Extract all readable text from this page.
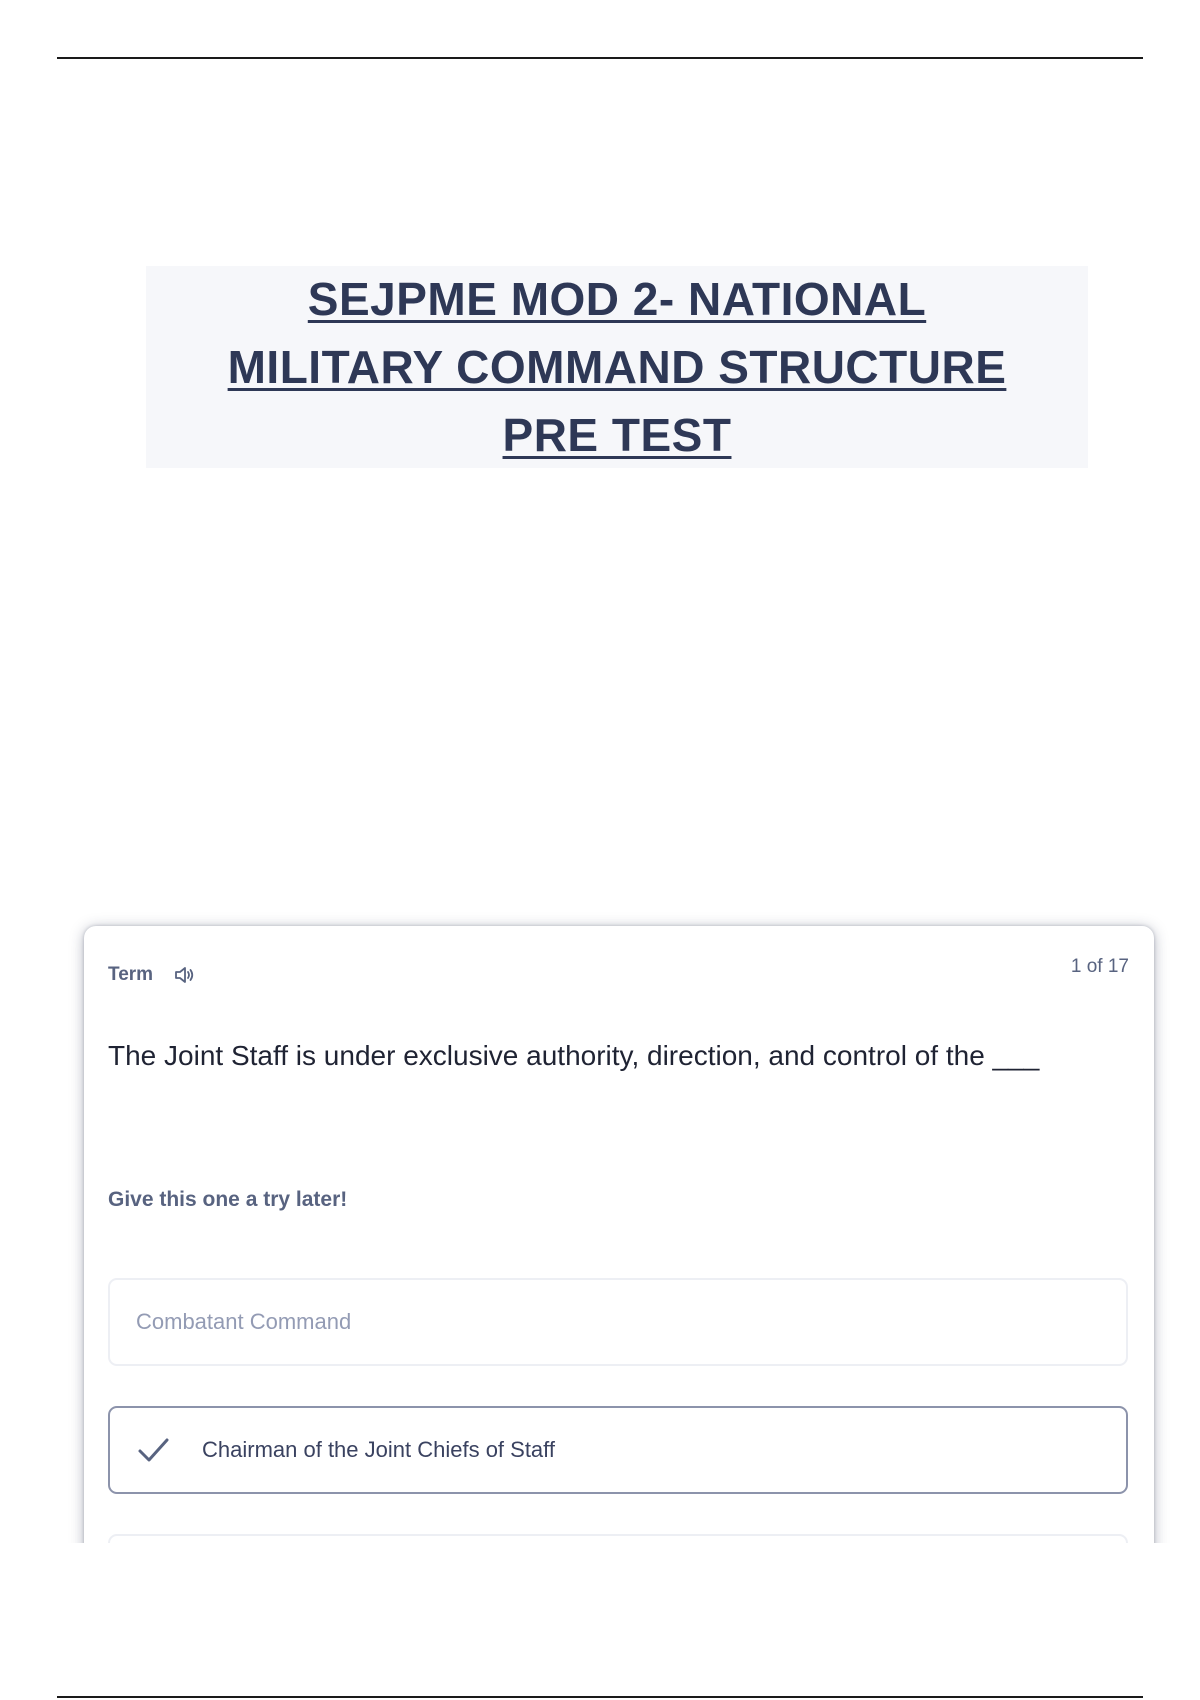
SEJPME MOD 2- NATIONAL
MILITARY COMMAND STRUCTURE
PRE TEST
Term	1 of 17
The Joint Staff is under exclusive authority, direction, and control of the ___
Give this one a try later!
Combatant Command
Chairman of the Joint Chiefs of Staff
